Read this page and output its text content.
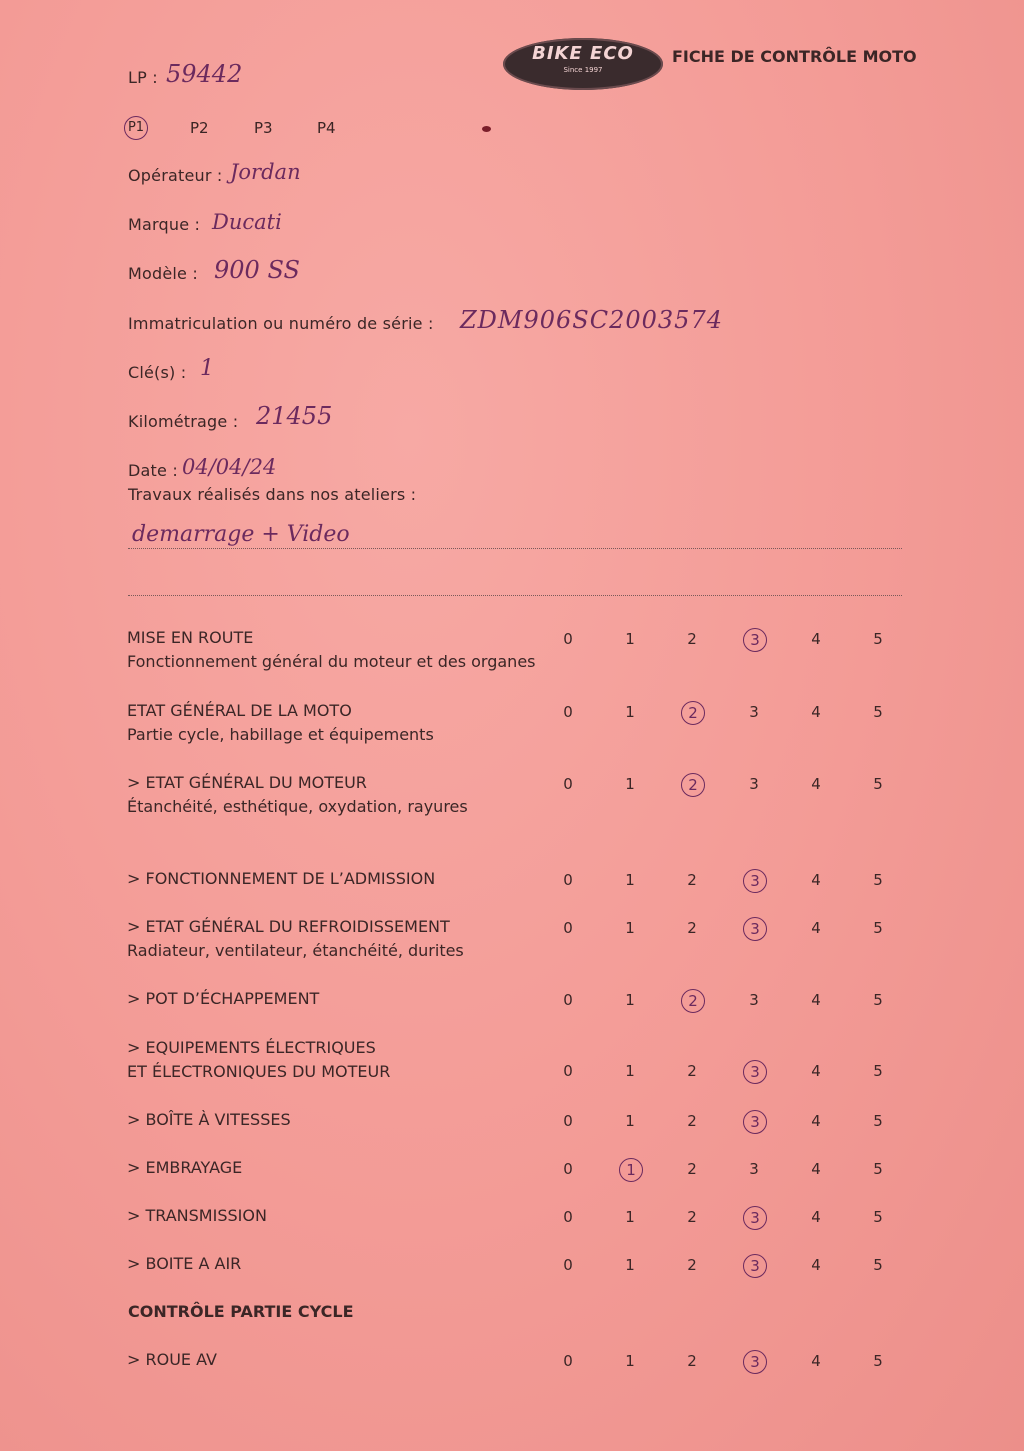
BIKE ECO
Since 1997
FICHE DE CONTRÔLE MOTO
LP : 59442
P1	P2	P3	P4
Opérateur : Jordan
Marque : Ducati
Modèle : 900 SS
Immatriculation ou numéro de série : ZDM906SC2003574
Clé(s) : 1
Kilométrage : 21455
Date : 04/04/24
Travaux réalisés dans nos ateliers :
demarrage + Video
MISE EN ROUTE
Fonctionnement général du moteur et des organes
0	1	2	3	4	5
ETAT GÉNÉRAL DE LA MOTO
Partie cycle, habillage et équipements
0	1	2	3	4	5
> ETAT GÉNÉRAL DU MOTEUR
Étanchéité, esthétique, oxydation, rayures
0	1	2	3	4	5
> FONCTIONNEMENT DE L’ADMISSION	0	1	2	3	4	5
> ETAT GÉNÉRAL DU REFROIDISSEMENT
Radiateur, ventilateur, étanchéité, durites
0	1	2	3	4	5
> POT D’ÉCHAPPEMENT	0	1	2	3	4	5
> EQUIPEMENTS ÉLECTRIQUES
ET ÉLECTRONIQUES DU MOTEUR	0	1	2	3	4	5
> BOÎTE À VITESSES	0	1	2	3	4	5
> EMBRAYAGE	0	1	2	3	4	5
> TRANSMISSION	0	1	2	3	4	5
> BOITE A AIR	0	1	2	3	4	5
CONTRÔLE PARTIE CYCLE
> ROUE AV	0	1	2	3	4	5
